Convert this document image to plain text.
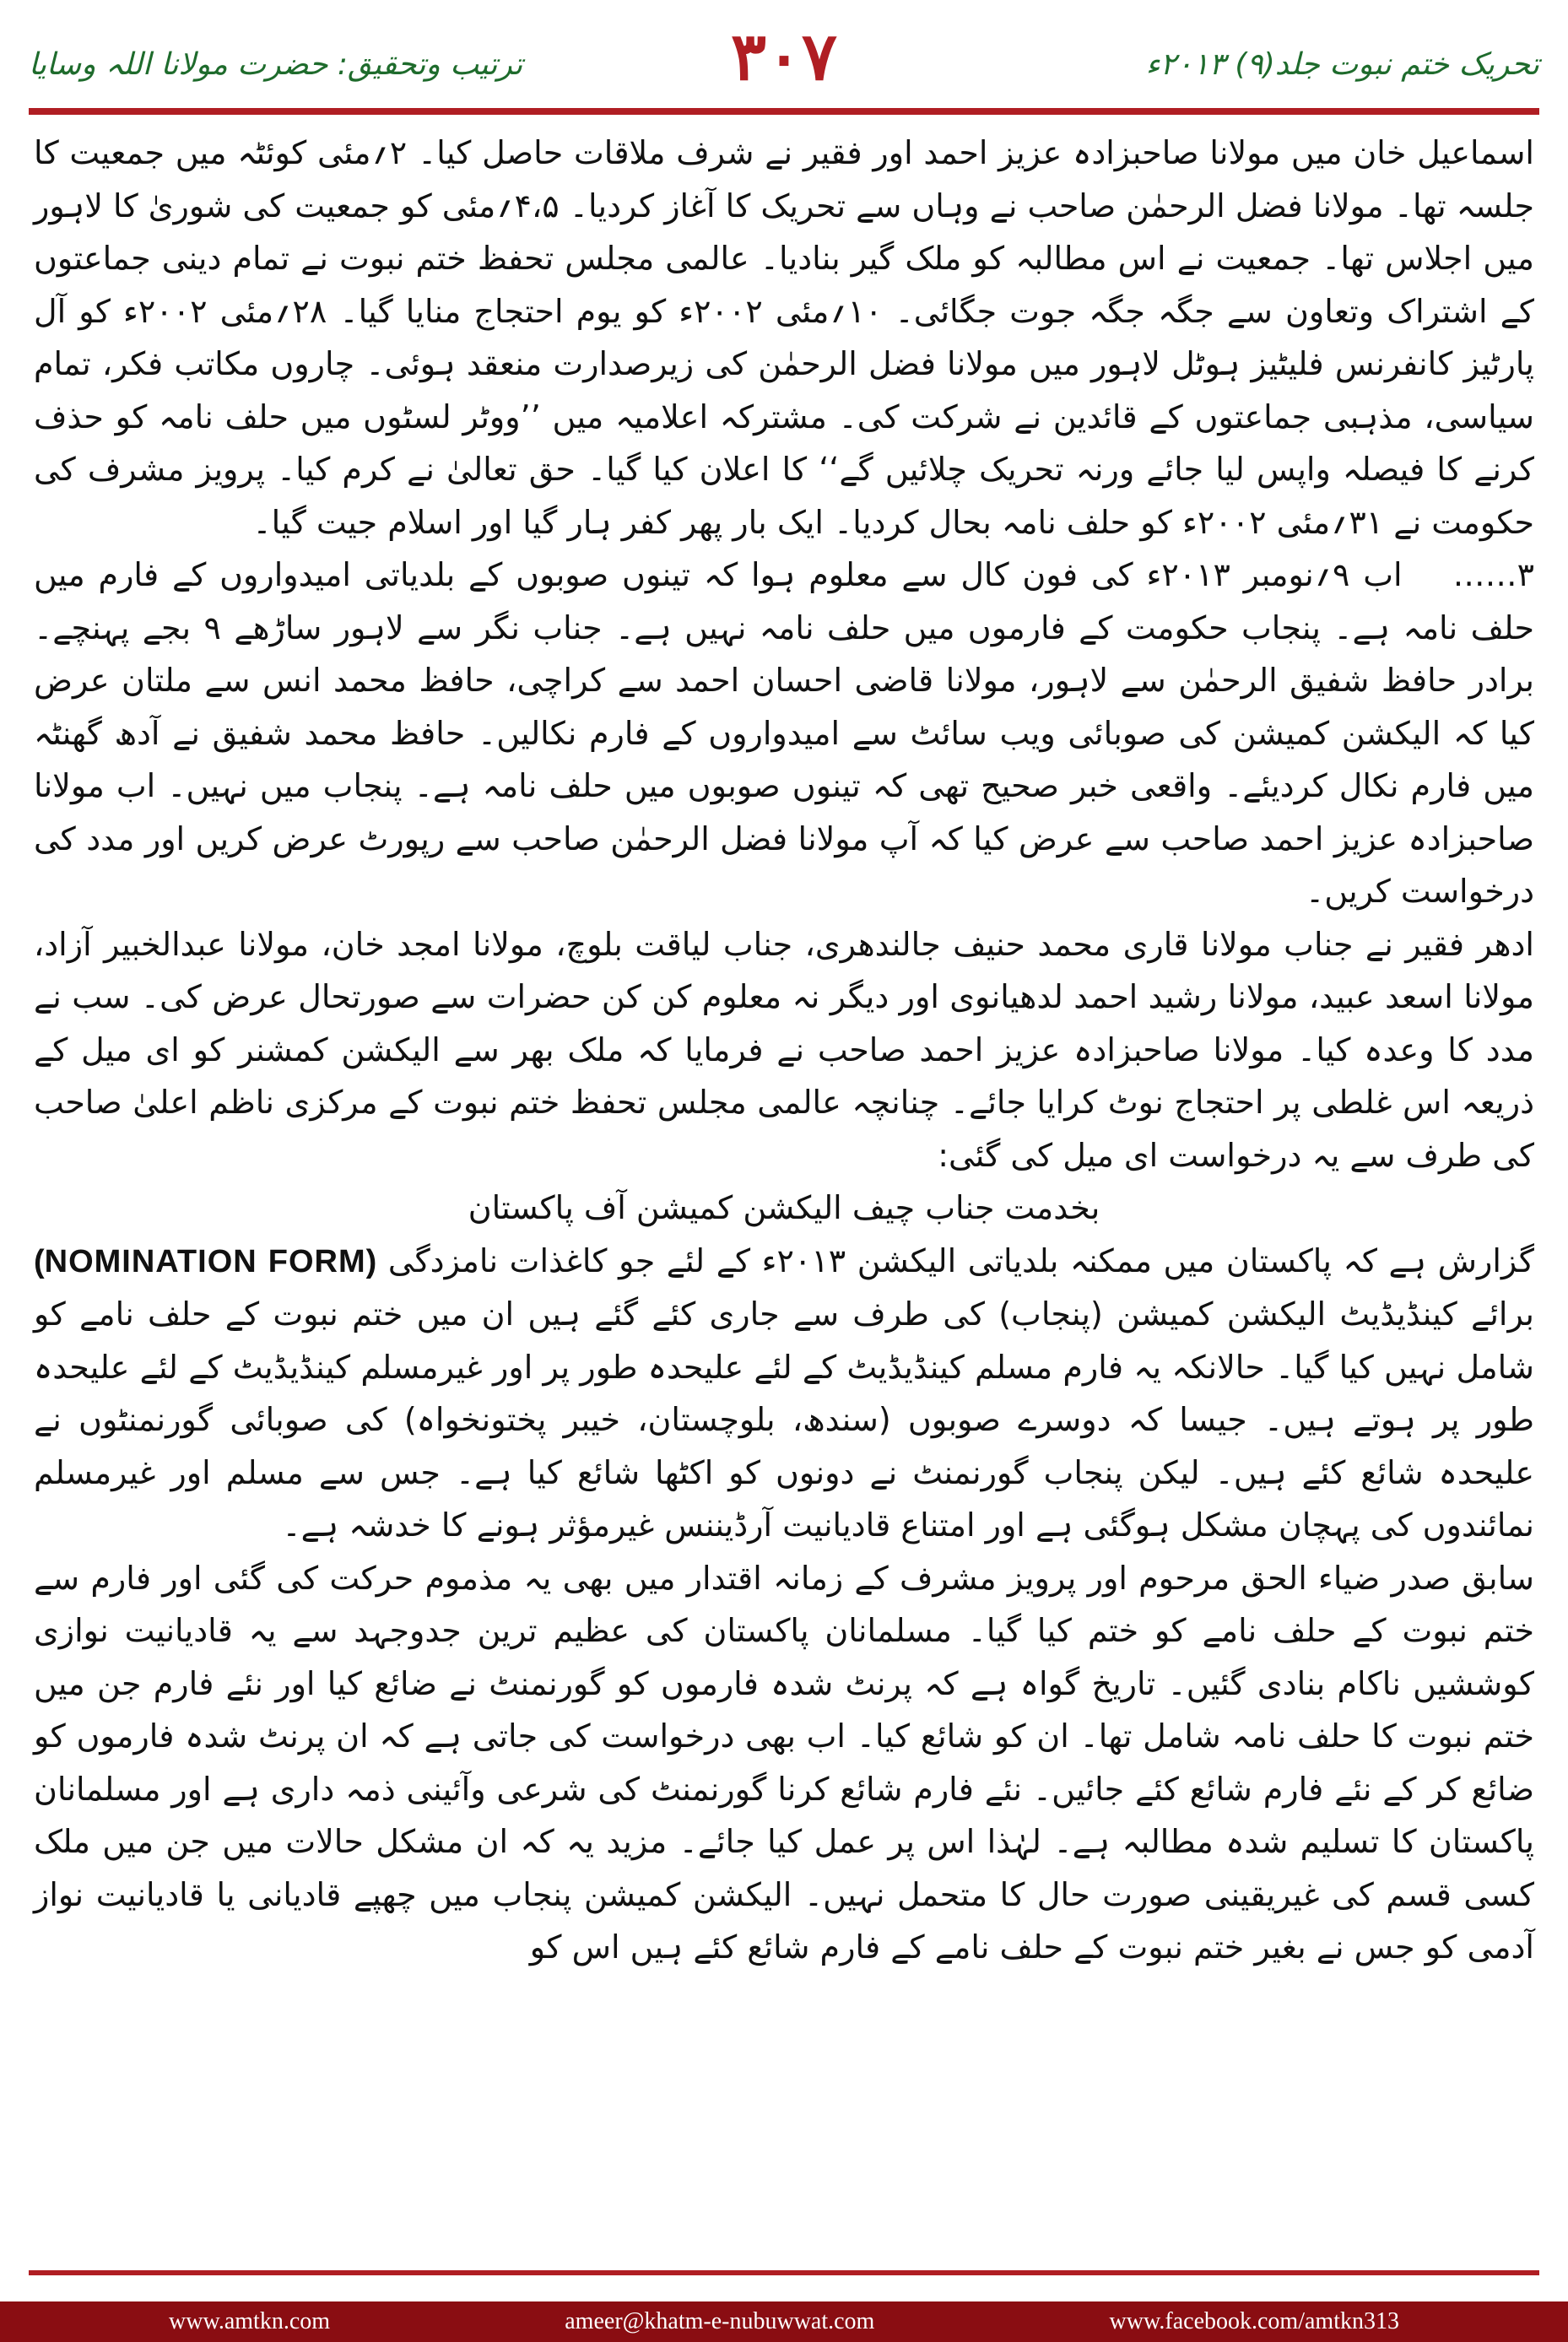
تحریک ختم نبوت جلد(۹) ۲۰۱۳ء
۳۰۷
ترتیب وتحقیق: حضرت مولانا اللہ وسایا

اسماعیل خان میں مولانا صاحبزادہ عزیز احمد اور فقیر نے شرف ملاقات حاصل کیا۔ ۲؍مئی کوئٹہ میں جمعیت کا جلسہ تھا۔ مولانا فضل الرحمٰن صاحب نے وہاں سے تحریک کا آغاز کردیا۔ ۴،۵؍مئی کو جمعیت کی شوریٰ کا لاہور میں اجلاس تھا۔ جمعیت نے اس مطالبہ کو ملک گیر بنادیا۔ عالمی مجلس تحفظ ختم نبوت نے تمام دینی جماعتوں کے اشتراک وتعاون سے جگہ جگہ جوت جگائی۔ ۱۰؍مئی ۲۰۰۲ء کو یوم احتجاج منایا گیا۔ ۲۸؍مئی ۲۰۰۲ء کو آل پارٹیز کانفرنس فلیٹیز ہوٹل لاہور میں مولانا فضل الرحمٰن کی زیرصدارت منعقد ہوئی۔ چاروں مکاتب فکر، تمام سیاسی، مذہبی جماعتوں کے قائدین نے شرکت کی۔ مشترکہ اعلامیہ میں ’’ووٹر لسٹوں میں حلف نامہ کو حذف کرنے کا فیصلہ واپس لیا جائے ورنہ تحریک چلائیں گے‘‘ کا اعلان کیا گیا۔ حق تعالیٰ نے کرم کیا۔ پرویز مشرف کی حکومت نے ۳۱؍مئی ۲۰۰۲ء کو حلف نامہ بحال کردیا۔ ایک بار پھر کفر ہار گیا اور اسلام جیت گیا۔

۳……اب ۹؍نومبر ۲۰۱۳ء کی فون کال سے معلوم ہوا کہ تینوں صوبوں کے بلدیاتی امیدواروں کے فارم میں حلف نامہ ہے۔ پنجاب حکومت کے فارموں میں حلف نامہ نہیں ہے۔ جناب نگر سے لاہور ساڑھے ۹ بجے پہنچے۔ برادر حافظ شفیق الرحمٰن سے لاہور، مولانا قاضی احسان احمد سے کراچی، حافظ محمد انس سے ملتان عرض کیا کہ الیکشن کمیشن کی صوبائی ویب سائٹ سے امیدواروں کے فارم نکالیں۔ حافظ محمد شفیق نے آدھ گھنٹہ میں فارم نکال کردیئے۔ واقعی خبر صحیح تھی کہ تینوں صوبوں میں حلف نامہ ہے۔ پنجاب میں نہیں۔ اب مولانا صاحبزادہ عزیز احمد صاحب سے عرض کیا کہ آپ مولانا فضل الرحمٰن صاحب سے رپورٹ عرض کریں اور مدد کی درخواست کریں۔

ادھر فقیر نے جناب مولانا قاری محمد حنیف جالندھری، جناب لیاقت بلوچ، مولانا امجد خان، مولانا عبدالخبیر آزاد، مولانا اسعد عبید، مولانا رشید احمد لدھیانوی اور دیگر نہ معلوم کن کن حضرات سے صورتحال عرض کی۔ سب نے مدد کا وعدہ کیا۔ مولانا صاحبزادہ عزیز احمد صاحب نے فرمایا کہ ملک بھر سے الیکشن کمشنر کو ای میل کے ذریعہ اس غلطی پر احتجاج نوٹ کرایا جائے۔ چنانچہ عالمی مجلس تحفظ ختم نبوت کے مرکزی ناظم اعلیٰ صاحب کی طرف سے یہ درخواست ای میل کی گئی:

بخدمت جناب چیف الیکشن کمیشن آف پاکستان

گزارش ہے کہ پاکستان میں ممکنہ بلدیاتی الیکشن ۲۰۱۳ء کے لئے جو کاغذات نامزدگی (NOMINATION FORM) برائے کینڈیڈیٹ الیکشن کمیشن (پنجاب) کی طرف سے جاری کئے گئے ہیں ان میں ختم نبوت کے حلف نامے کو شامل نہیں کیا گیا۔ حالانکہ یہ فارم مسلم کینڈیڈیٹ کے لئے علیحدہ طور پر اور غیرمسلم کینڈیڈیٹ کے لئے علیحدہ طور پر ہوتے ہیں۔ جیسا کہ دوسرے صوبوں (سندھ، بلوچستان، خیبر پختونخواہ) کی صوبائی گورنمنٹوں نے علیحدہ شائع کئے ہیں۔ لیکن پنجاب گورنمنٹ نے دونوں کو اکٹھا شائع کیا ہے۔ جس سے مسلم اور غیرمسلم نمائندوں کی پہچان مشکل ہوگئی ہے اور امتناع قادیانیت آرڈیننس غیرمؤثر ہونے کا خدشہ ہے۔

سابق صدر ضیاء الحق مرحوم اور پرویز مشرف کے زمانہ اقتدار میں بھی یہ مذموم حرکت کی گئی اور فارم سے ختم نبوت کے حلف نامے کو ختم کیا گیا۔ مسلمانان پاکستان کی عظیم ترین جدوجہد سے یہ قادیانیت نوازی کوششیں ناکام بنادی گئیں۔ تاریخ گواہ ہے کہ پرنٹ شدہ فارموں کو گورنمنٹ نے ضائع کیا اور نئے فارم جن میں ختم نبوت کا حلف نامہ شامل تھا۔ ان کو شائع کیا۔ اب بھی درخواست کی جاتی ہے کہ ان پرنٹ شدہ فارموں کو ضائع کر کے نئے فارم شائع کئے جائیں۔ نئے فارم شائع کرنا گورنمنٹ کی شرعی وآئینی ذمہ داری ہے اور مسلمانان پاکستان کا تسلیم شدہ مطالبہ ہے۔ لہٰذا اس پر عمل کیا جائے۔ مزید یہ کہ ان مشکل حالات میں جن میں ملک کسی قسم کی غیریقینی صورت حال کا متحمل نہیں۔ الیکشن کمیشن پنجاب میں چھپے قادیانی یا قادیانیت نواز آدمی کو جس نے بغیر ختم نبوت کے حلف نامے کے فارم شائع کئے ہیں اس کو

www.amtkn.com	ameer@khatm-e-nubuwwat.com	www.facebook.com/amtkn313
